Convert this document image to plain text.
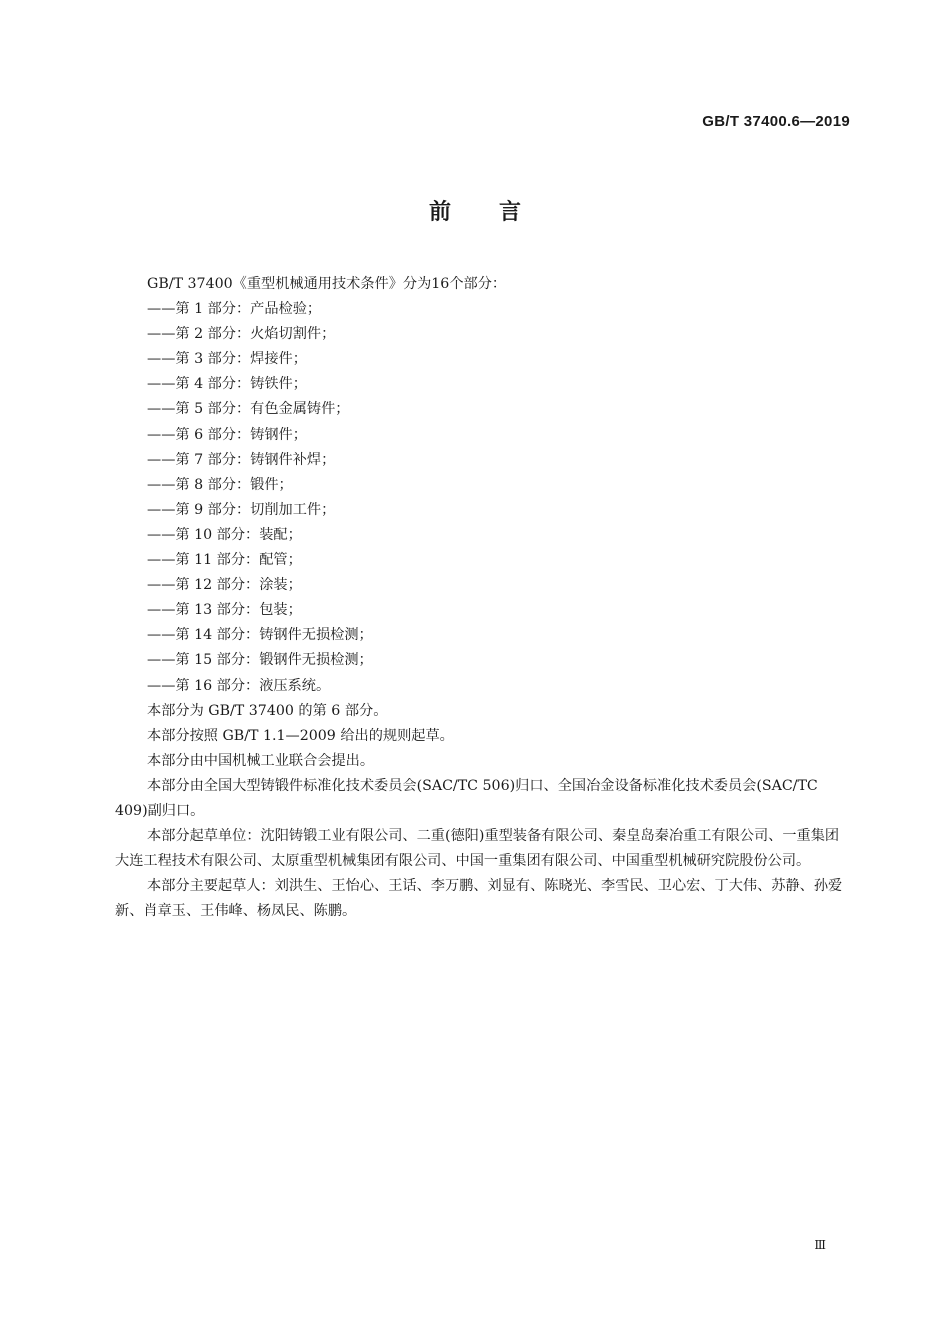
GB/T 37400.6—2019
前言

GB/T 37400《重型机械通用技术条件》分为16个部分：

——第 1 部分：产品检验；

——第 2 部分：火焰切割件；

——第 3 部分：焊接件；

——第 4 部分：铸铁件；

——第 5 部分：有色金属铸件；

——第 6 部分：铸钢件；

——第 7 部分：铸钢件补焊；

——第 8 部分：锻件；

——第 9 部分：切削加工件；

——第 10 部分：装配；

——第 11 部分：配管；

——第 12 部分：涂装；

——第 13 部分：包装；

——第 14 部分：铸钢件无损检测；

——第 15 部分：锻钢件无损检测；

——第 16 部分：液压系统。

本部分为 GB/T 37400 的第 6 部分。

本部分按照 GB/T 1.1—2009 给出的规则起草。

本部分由中国机械工业联合会提出。

本部分由全国大型铸锻件标准化技术委员会(SAC/TC 506)归口、全国冶金设备标准化技术委员会(SAC/TC 409)副归口。

本部分起草单位：沈阳铸锻工业有限公司、二重(德阳)重型装备有限公司、秦皇岛秦冶重工有限公司、一重集团大连工程技术有限公司、太原重型机械集团有限公司、中国一重集团有限公司、中国重型机械研究院股份公司。

本部分主要起草人：刘洪生、王怡心、王话、李万鹏、刘显有、陈晓光、李雪民、卫心宏、丁大伟、苏静、孙爱新、肖章玉、王伟峰、杨凤民、陈鹏。

Ⅲ
